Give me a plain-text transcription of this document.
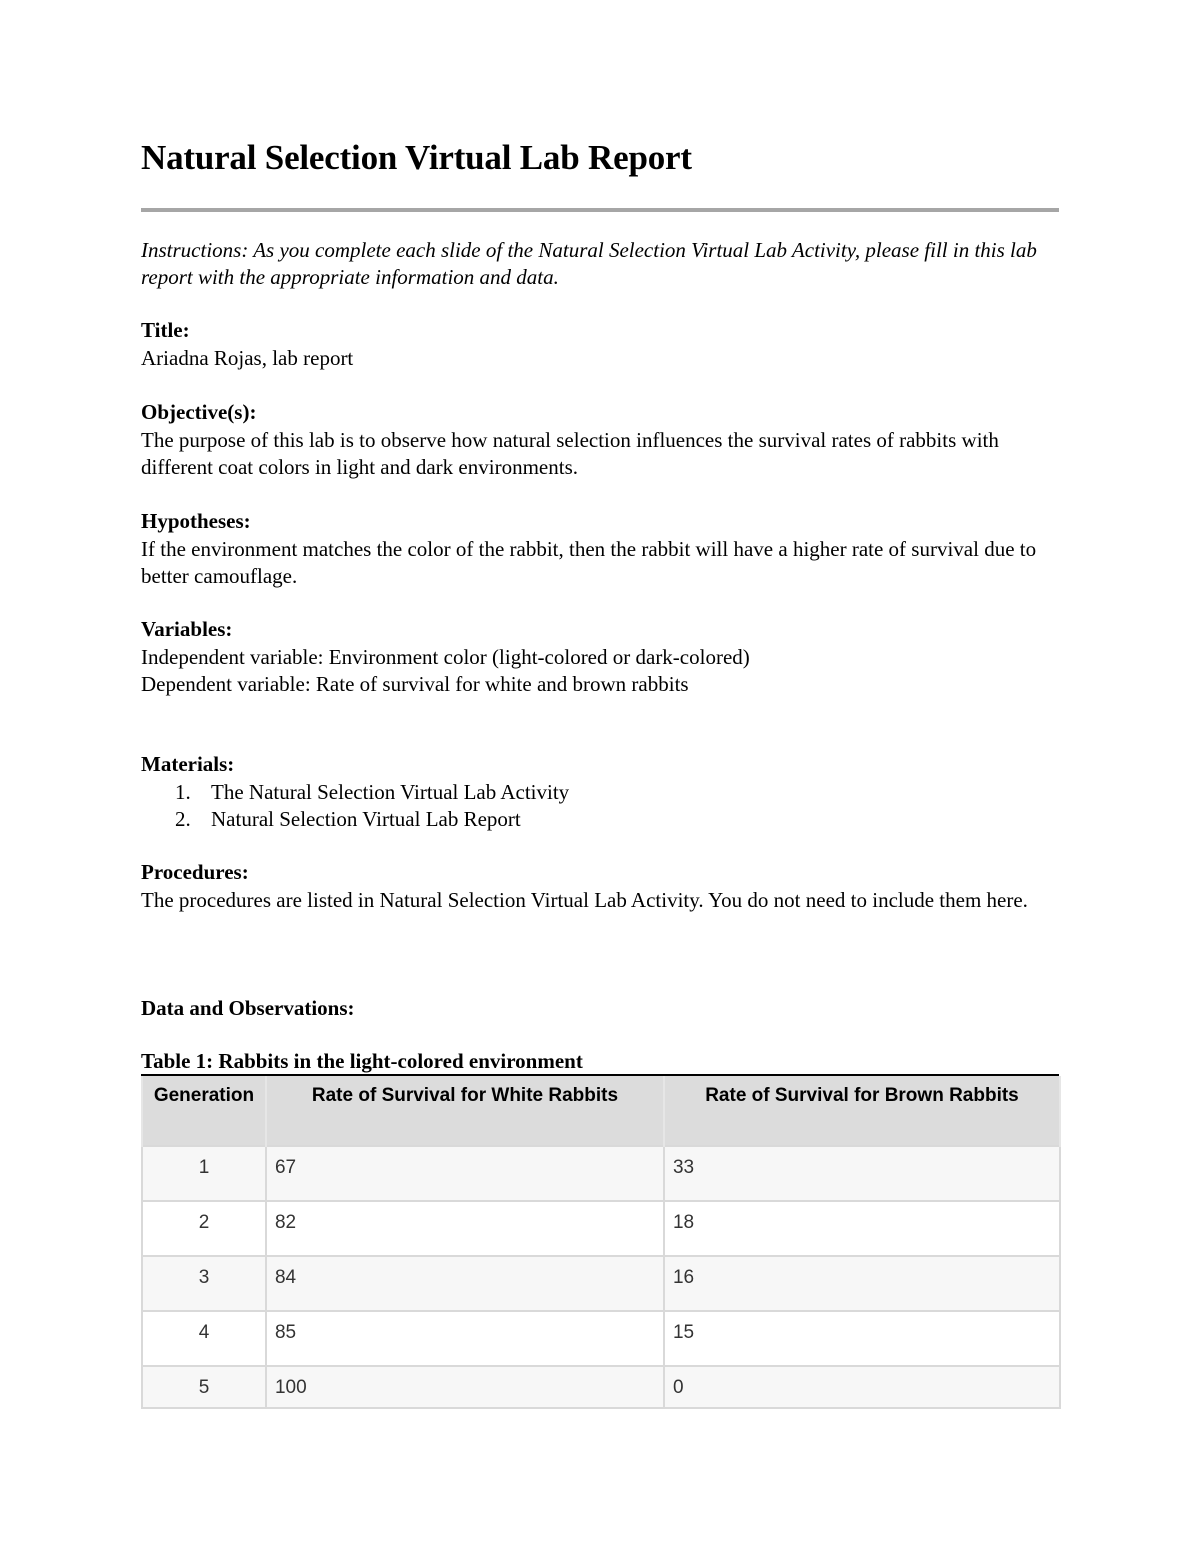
Natural Selection Virtual Lab Report

Instructions: As you complete each slide of the Natural Selection Virtual Lab Activity, please fill in this lab report with the appropriate information and data.

Title:

Ariadna Rojas, lab report

Objective(s):

The purpose of this lab is to observe how natural selection influences the survival rates of rabbits with different coat colors in light and dark environments.

Hypotheses:

If the environment matches the color of the rabbit, then the rabbit will have a higher rate of survival due to better camouflage.

Variables:

Independent variable: Environment color (light-colored or dark-colored)

Dependent variable: Rate of survival for white and brown rabbits

Materials:
1. The Natural Selection Virtual Lab Activity
2. Natural Selection Virtual Lab Report
Procedures:

The procedures are listed in Natural Selection Virtual Lab Activity. You do not need to include them here.

Data and Observations:
Table 1: Rabbits in the light-colored environment
Generation	Rate of Survival for White Rabbits	Rate of Survival for Brown Rabbits
1	67	33
2	82	18
3	84	16
4	85	15
5	100	0
